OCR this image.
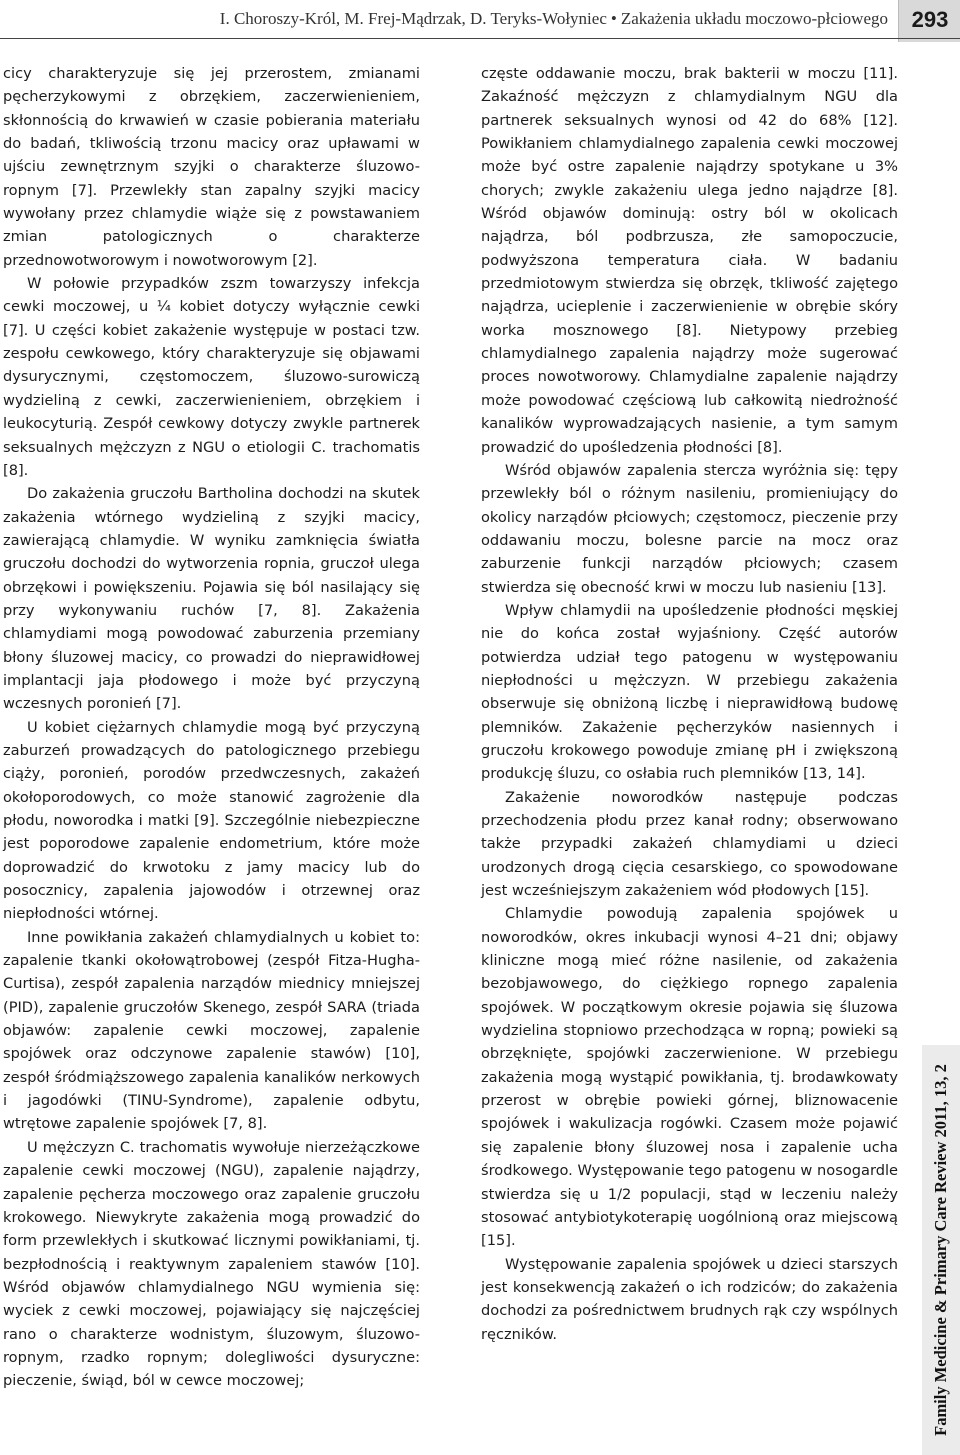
I. Choroszy-Król, M. Frej-Mądrzak, D. Teryks-Wołyniec • Zakażenia układu moczowo-płciowego	293

cicy charakteryzuje się jej przerostem, zmianami pęcherzykowymi z obrzękiem, zaczerwienieniem, skłonnością do krwawień w czasie pobierania materiału do badań, tkliwością trzonu macicy oraz upławami w ujściu zewnętrznym szyjki o charakterze śluzowo-ropnym [7]. Przewlekły stan zapalny szyjki macicy wywołany przez chlamydie wiąże się z powstawaniem zmian patologicznych o charakterze przednowotworowym i nowotworowym [2].

W połowie przypadków zszm towarzyszy infekcja cewki moczowej, u ¼ kobiet dotyczy wyłącznie cewki [7]. U części kobiet zakażenie występuje w postaci tzw. zespołu cewkowego, który charakteryzuje się objawami dysurycznymi, częstomoczem, śluzowo-surowiczą wydzieliną z cewki, zaczerwienieniem, obrzękiem i leukocyturią. Zespół cewkowy dotyczy zwykle partnerek seksualnych mężczyzn z NGU o etiologii C. trachomatis [8].

Do zakażenia gruczołu Bartholina dochodzi na skutek zakażenia wtórnego wydzieliną z szyjki macicy, zawierającą chlamydie. W wyniku zamknięcia światła gruczołu dochodzi do wytworzenia ropnia, gruczoł ulega obrzękowi i powiększeniu. Pojawia się ból nasilający się przy wykonywaniu ruchów [7, 8]. Zakażenia chlamydiami mogą powodować zaburzenia przemiany błony śluzowej macicy, co prowadzi do nieprawidłowej implantacji jaja płodowego i może być przyczyną wczesnych poronień [7].

U kobiet ciężarnych chlamydie mogą być przyczyną zaburzeń prowadzących do patologicznego przebiegu ciąży, poronień, porodów przedwczesnych, zakażeń okołoporodowych, co może stanowić zagrożenie dla płodu, noworodka i matki [9]. Szczególnie niebezpieczne jest poporodowe zapalenie endometrium, które może doprowadzić do krwotoku z jamy macicy lub do posocznicy, zapalenia jajowodów i otrzewnej oraz niepłodności wtórnej.

Inne powikłania zakażeń chlamydialnych u kobiet to: zapalenie tkanki okołowątrobowej (zespół Fitza-Hugha-Curtisa), zespół zapalenia narządów miednicy mniejszej (PID), zapalenie gruczołów Skenego, zespół SARA (triada objawów: zapalenie cewki moczowej, zapalenie spojówek oraz odczynowe zapalenie stawów) [10], zespół śródmiąższowego zapalenia kanalików nerkowych i jagodówki (TINU-Syndrome), zapalenie odbytu, wtrętowe zapalenie spojówek [7, 8].

U mężczyzn C. trachomatis wywołuje nierzeżączkowe zapalenie cewki moczowej (NGU), zapalenie najądrzy, zapalenie pęcherza moczowego oraz zapalenie gruczołu krokowego. Niewykryte zakażenia mogą prowadzić do form przewlekłych i skutkować licznymi powikłaniami, tj. bezpłodnością i reaktywnym zapaleniem stawów [10]. Wśród objawów chlamydialnego NGU wymienia się: wyciek z cewki moczowej, pojawiający się najczęściej rano o charakterze wodnistym, śluzowym, śluzowo-ropnym, rzadko ropnym; dolegliwości dysuryczne: pieczenie, świąd, ból w cewce moczowej;

częste oddawanie moczu, brak bakterii w moczu [11]. Zakaźność mężczyzn z chlamydialnym NGU dla partnerek seksualnych wynosi od 42 do 68% [12]. Powikłaniem chlamydialnego zapalenia cewki moczowej może być ostre zapalenie najądrzy spotykane u 3% chorych; zwykle zakażeniu ulega jedno najądrze [8]. Wśród objawów dominują: ostry ból w okolicach najądrza, ból podbrzusza, złe samopoczucie, podwyższona temperatura ciała. W badaniu przedmiotowym stwierdza się obrzęk, tkliwość zajętego najądrza, ucieplenie i zaczerwienienie w obrębie skóry worka mosznowego [8]. Nietypowy przebieg chlamydialnego zapalenia najądrzy może sugerować proces nowotworowy. Chlamydialne zapalenie najądrzy może powodować częściową lub całkowitą niedrożność kanalików wyprowadzających nasienie, a tym samym prowadzić do upośledzenia płodności [8].

Wśród objawów zapalenia stercza wyróżnia się: tępy przewlekły ból o różnym nasileniu, promieniujący do okolicy narządów płciowych; częstomocz, pieczenie przy oddawaniu moczu, bolesne parcie na mocz oraz zaburzenie funkcji narządów płciowych; czasem stwierdza się obecność krwi w moczu lub nasieniu [13].

Wpływ chlamydii na upośledzenie płodności męskiej nie do końca został wyjaśniony. Część autorów potwierdza udział tego patogenu w występowaniu niepłodności u mężczyzn. W przebiegu zakażenia obserwuje się obniżoną liczbę i nieprawidłową budowę plemników. Zakażenie pęcherzyków nasiennych i gruczołu krokowego powoduje zmianę pH i zwiększoną produkcję śluzu, co osłabia ruch plemników [13, 14].

Zakażenie noworodków następuje podczas przechodzenia płodu przez kanał rodny; obserwowano także przypadki zakażeń chlamydiami u dzieci urodzonych drogą cięcia cesarskiego, co spowodowane jest wcześniejszym zakażeniem wód płodowych [15].

Chlamydie powodują zapalenia spojówek u noworodków, okres inkubacji wynosi 4–21 dni; objawy kliniczne mogą mieć różne nasilenie, od zakażenia bezobjawowego, do ciężkiego ropnego zapalenia spojówek. W początkowym okresie pojawia się śluzowa wydzielina stopniowo przechodząca w ropną; powieki są obrzęknięte, spojówki zaczerwienione. W przebiegu zakażenia mogą wystąpić powikłania, tj. brodawkowaty przerost w obrębie powieki górnej, bliznowacenie spojówek i wakulizacja rogówki. Czasem może pojawić się zapalenie błony śluzowej nosa i zapalenie ucha środkowego. Występowanie tego patogenu w nosogardle stwierdza się u 1/2 populacji, stąd w leczeniu należy stosować antybiotykoterapię uogólnioną oraz miejscową [15].

Występowanie zapalenia spojówek u dzieci starszych jest konsekwencją zakażeń o ich rodziców; do zakażenia dochodzi za pośrednictwem brudnych rąk czy wspólnych ręczników.	Family Medicine & Primary Care Review 2011, 13, 2
